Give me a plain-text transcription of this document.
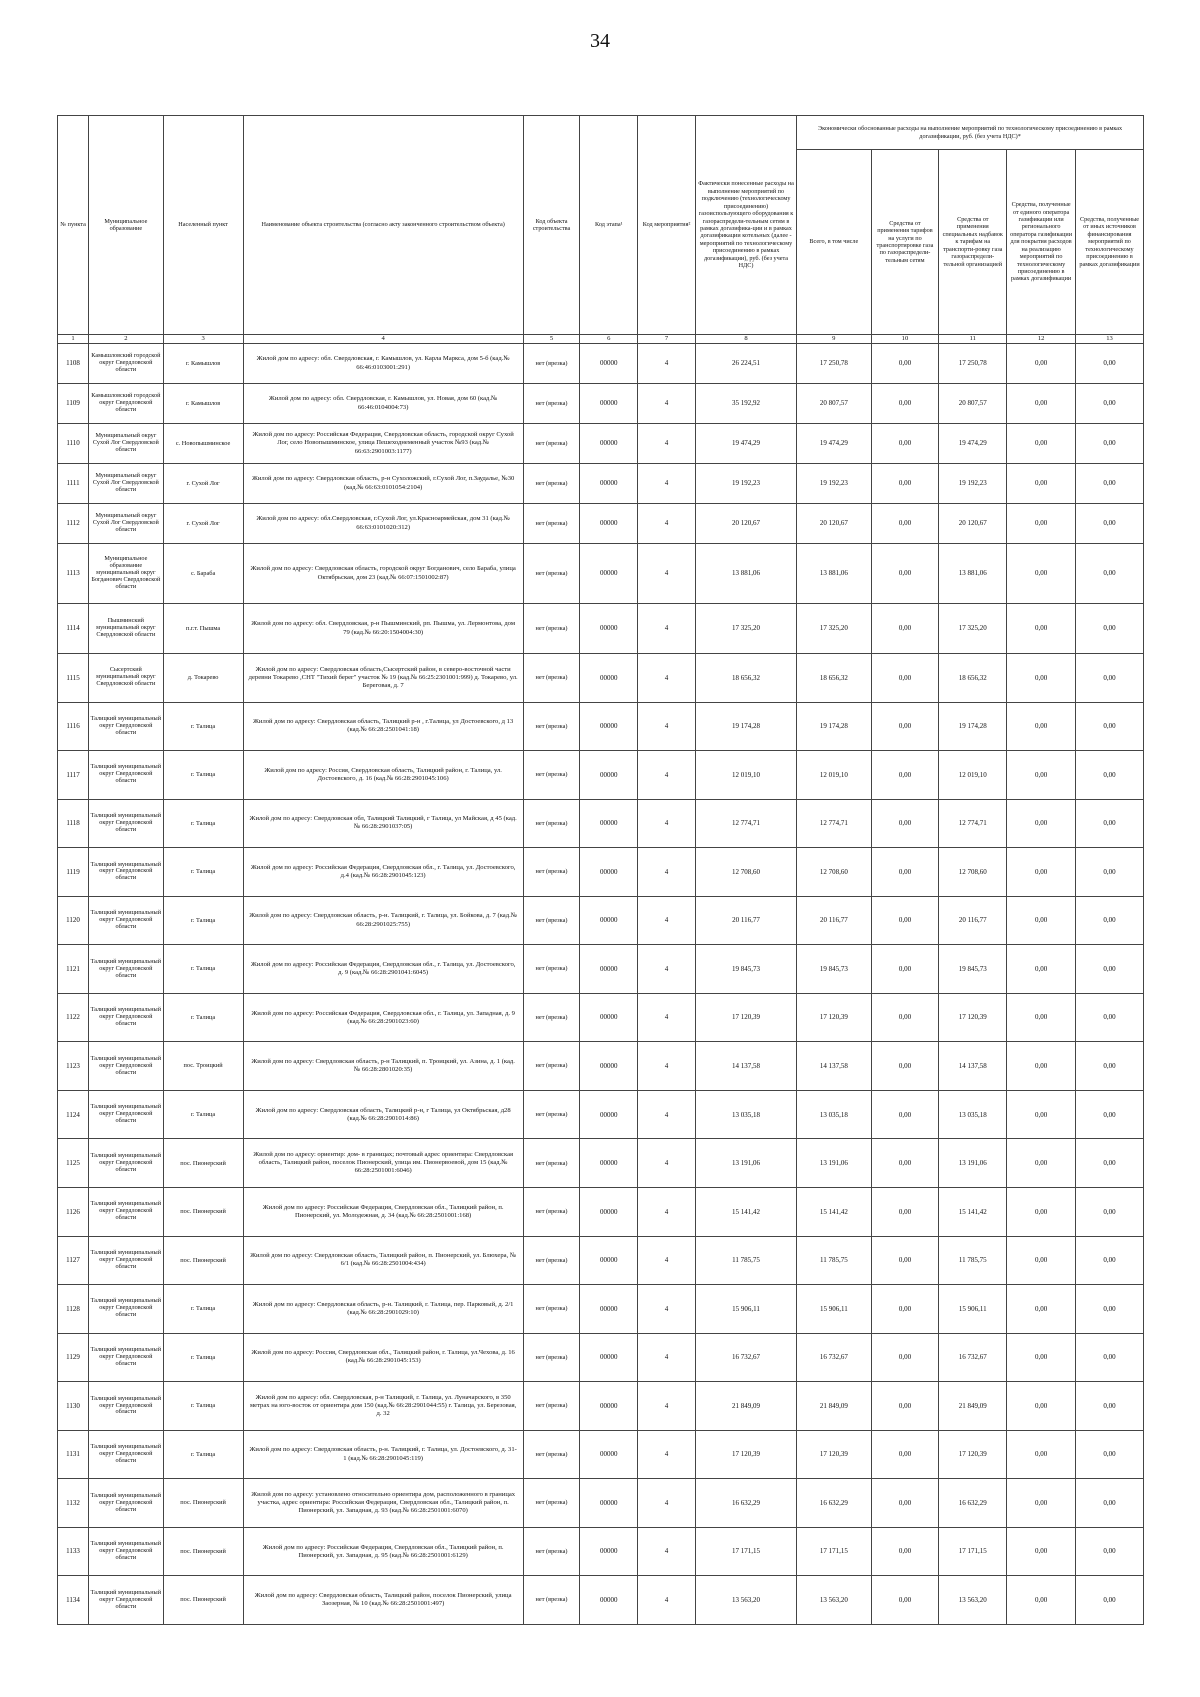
34
№ пункта	Муниципальное образование	Населенный пункт	Наименование объекта строительства (согласно акту законченного строительством объекта)	Код объекта строительства	Код этапа¹	Код мероприятия²	Фактически понесенные расходы на выполнение мероприятий по подключению (технологическому присоединению) газоиспользующего оборудования к газораспредели-тельным сетям в рамках догазифика-ции и в рамках догазификации котельных (далее - мероприятий по технологическому присоединению в рамках догазификации), руб. (без учета НДС)	Экономически обоснованные расходы на выполнение мероприятий по технологическому присоединению в рамках догазификации, руб. (без учета НДС)*				
								Всего, в том числе	Средства от применения тарифов на услуги по транспортировке газа по газораспредели-тельным сетям	Средства от применения специальных надбавок к тарифам на транспорти-ровку газа газораспредели-тельной организацией	Средства, полученные от единого оператора газификации или регионального оператора газификации для покрытия расходов на реализацию мероприятий по технологическому присоединению в рамках догазификации	Средства, полученные от иных источников финансирования мероприятий по технологическому присоединению в рамках догазификации
1	2	3	4	5	6	7	8	9	10	11	12	13
1108	Камышловский городской округ Свердловской области	г. Камышлов	Жилой дом по адресу: обл. Свердловская, г. Камышлов, ул. Карла Маркса, дом 5-б (кад.№ 66:46:0103001:291)	нет (врезка)	00000	4	26 224,51	17 250,78	0,00	17 250,78	0,00	0,00
1109	Камышловский городской округ Свердловской области	г. Камышлов	Жилой дом по адресу: обл. Свердловская, г. Камышлов, ул. Новая, дом 60 (кад.№ 66:46:0104004:73)	нет (врезка)	00000	4	35 192,92	20 807,57	0,00	20 807,57	0,00	0,00
1110	Муниципальный округ Сухой Лог Свердловской области	с. Новопышминское	Жилой дом по адресу: Российская Федерация, Свердловская область, городской округ Сухой Лог, село Новопышминское, улица Пешеходнеменный участок №93 (кад.№ 66:63:2901003:1177)	нет (врезка)	00000	4	19 474,29	19 474,29	0,00	19 474,29	0,00	0,00
1111	Муниципальный округ Сухой Лог Свердловской области	г. Сухой Лог	Жилой дом по адресу: Свердловская область, р-н Сухоложский, г.Сухой Лог, п.Заудалье, №30 (кад.№ 66:63:0101054:2104)	нет (врезка)	00000	4	19 192,23	19 192,23	0,00	19 192,23	0,00	0,00
1112	Муниципальный округ Сухой Лог Свердловской области	г. Сухой Лог	Жилой дом по адресу: обл.Свердловская, г.Сухой Лог, ул.Красноармейская, дом 31 (кад.№ 66:63:0101020:312)	нет (врезка)	00000	4	20 120,67	20 120,67	0,00	20 120,67	0,00	0,00
1113	Муниципальное образование муниципальный округ Богданович Свердловской области	с. Бараба	Жилой дом по адресу: Свердловская область, городской округ Богданович, село Бараба, улица Октябрьская, дом 23 (кад.№ 66:07:1501002:87)	нет (врезка)	00000	4	13 881,06	13 881,06	0,00	13 881,06	0,00	0,00
1114	Пышминский муниципальный округ Свердловской области	п.г.т. Пышма	Жилой дом по адресу: обл. Свердловская, р-н Пышминский, рп. Пышма, ул. Лермонтова, дом 79 (кад.№ 66:20:1504004:30)	нет (врезка)	00000	4	17 325,20	17 325,20	0,00	17 325,20	0,00	0,00
1115	Сысертский муниципальный округ Свердловской области	д. Токарево	Жилой дом по адресу: Свердловская область,Сысертский район, в северо-восточной части деревни Токарево ,СНТ "Тихий берег" участок № 19 (кад.№ 66:25:2301001:999) д. Токарево, ул. Береговая, д. 7	нет (врезка)	00000	4	18 656,32	18 656,32	0,00	18 656,32	0,00	0,00
1116	Талицкий муниципальный округ Свердловской области	г. Талица	Жилой дом по адресу: Свердловская область, Талицкий р-н , г.Талица, ул Достоевского, д 13 (кад.№ 66:28:2501041:18)	нет (врезка)	00000	4	19 174,28	19 174,28	0,00	19 174,28	0,00	0,00
1117	Талицкий муниципальный округ Свердловской области	г. Талица	Жилой дом по адресу: Россия, Свердловская область, Талицкий район, г. Талица, ул. Достоевского, д. 16 (кад.№ 66:28:2901045:106)	нет (врезка)	00000	4	12 019,10	12 019,10	0,00	12 019,10	0,00	0,00
1118	Талицкий муниципальный округ Свердловской области	г. Талица	Жилой дом по адресу: Свердловская обл, Талицкий Талицкий, г Талица, ул Майская, д 45 (кад.№ 66:28:2901037:05)	нет (врезка)	00000	4	12 774,71	12 774,71	0,00	12 774,71	0,00	0,00
1119	Талицкий муниципальный округ Свердловской области	г. Талица	Жилой дом по адресу: Российская Федерация, Свердловская обл., г. Талица, ул. Достоевского, д.4 (кад.№ 66:28:2901045:123)	нет (врезка)	00000	4	12 708,60	12 708,60	0,00	12 708,60	0,00	0,00
1120	Талицкий муниципальный округ Свердловской области	г. Талица	Жилой дом по адресу: Свердловская область, р-н. Талицкий, г. Талица, ул. Бойкова, д. 7 (кад.№ 66:28:2901025:755)	нет (врезка)	00000	4	20 116,77	20 116,77	0,00	20 116,77	0,00	0,00
1121	Талицкий муниципальный округ Свердловской области	г. Талица	Жилой дом по адресу: Российская Федерация, Свердловская обл., г. Талица, ул. Достоевского, д. 9 (кад.№ 66:28:2901041:6045)	нет (врезка)	00000	4	19 845,73	19 845,73	0,00	19 845,73	0,00	0,00
1122	Талицкий муниципальный округ Свердловской области	г. Талица	Жилой дом по адресу: Российская Федерация, Свердловская обл., г. Талица, ул. Западная, д. 9 (кад.№ 66:28:2901023:60)	нет (врезка)	00000	4	17 120,39	17 120,39	0,00	17 120,39	0,00	0,00
1123	Талицкий муниципальный округ Свердловской области	пос. Троицкий	Жилой дом по адресу: Свердловская область, р-н Талицкий, п. Троицкий, ул. Азина, д. 1 (кад.№ 66:28:2801020:35)	нет (врезка)	00000	4	14 137,58	14 137,58	0,00	14 137,58	0,00	0,00
1124	Талицкий муниципальный округ Свердловской области	г. Талица	Жилой дом по адресу: Свердловская область, Талицкий р-н, г Талица, ул Октябрьская, д28 (кад.№ 66:28:2901014:86)	нет (врезка)	00000	4	13 035,18	13 035,18	0,00	13 035,18	0,00	0,00
1125	Талицкий муниципальный округ Свердловской области	пос. Пионерский	Жилой дом по адресу: ориентир: дом- в границах; почтовый адрес ориентира: Свердловская область, Талицкий район, поселок Пионерский, улица им. Пионервоевой, дом 15 (кад.№ 66:28:2501001:6046)	нет (врезка)	00000	4	13 191,06	13 191,06	0,00	13 191,06	0,00	0,00
1126	Талицкий муниципальный округ Свердловской области	пос. Пионерский	Жилой дом по адресу: Российская Федерация, Свердловская обл., Талицкий район, п. Пионерский, ул. Молодежная, д. 34 (кад.№ 66:28:2501001:168)	нет (врезка)	00000	4	15 141,42	15 141,42	0,00	15 141,42	0,00	0,00
1127	Талицкий муниципальный округ Свердловской области	пос. Пионерский	Жилой дом по адресу: Свердловская область, Талицкий район, п. Пионерский, ул. Блюхера, № 6/1 (кад.№ 66:28:2501004:434)	нет (врезка)	00000	4	11 785,75	11 785,75	0,00	11 785,75	0,00	0,00
1128	Талицкий муниципальный округ Свердловской области	г. Талица	Жилой дом по адресу: Свердловская область, р-н. Талицкий, г. Талица, пер. Парковый, д. 2/1 (кад.№ 66:28:2901029:10)	нет (врезка)	00000	4	15 906,11	15 906,11	0,00	15 906,11	0,00	0,00
1129	Талицкий муниципальный округ Свердловской области	г. Талица	Жилой дом по адресу: Россия, Свердловская обл., Талицкий район, г. Талица, ул.Чехова, д. 16 (кад.№ 66:28:2901045:153)	нет (врезка)	00000	4	16 732,67	16 732,67	0,00	16 732,67	0,00	0,00
1130	Талицкий муниципальный округ Свердловской области	г. Талица	Жилой дом по адресу: обл. Свердловская, р-н Талицкий, г. Талица, ул. Луначарского, в 350 метрах на юго-восток от ориентира дом 150 (кад.№ 66:28:2901044:55) г. Талица, ул. Березовая, д. 32	нет (врезка)	00000	4	21 849,09	21 849,09	0,00	21 849,09	0,00	0,00
1131	Талицкий муниципальный округ Свердловской области	г. Талица	Жилой дом по адресу: Свердловская область, р-н. Талицкий, г. Талица, ул. Достоевского, д. 31-1 (кад.№ 66:28:2901045:119)	нет (врезка)	00000	4	17 120,39	17 120,39	0,00	17 120,39	0,00	0,00
1132	Талицкий муниципальный округ Свердловской области	пос. Пионерский	Жилой дом по адресу: установлено относительно ориентира дом, расположенного в границах участка, адрес ориентира: Российская Федерация, Свердловская обл., Талицкий район, п. Пионерский, ул. Западная, д. 93 (кад.№ 66:28:2501001:6070)	нет (врезка)	00000	4	16 632,29	16 632,29	0,00	16 632,29	0,00	0,00
1133	Талицкий муниципальный округ Свердловской области	пос. Пионерский	Жилой дом по адресу: Российская Федерация, Свердловская обл., Талицкий район, п. Пионерский, ул. Западная, д. 95 (кад.№ 66:28:2501001:6129)	нет (врезка)	00000	4	17 171,15	17 171,15	0,00	17 171,15	0,00	0,00
1134	Талицкий муниципальный округ Свердловской области	пос. Пионерский	Жилой дом по адресу: Свердловская область, Талицкий район, поселок Пионерский, улица Заозерная, № 10 (кад.№ 66:28:2501001:497)	нет (врезка)	00000	4	13 563,20	13 563,20	0,00	13 563,20	0,00	0,00
